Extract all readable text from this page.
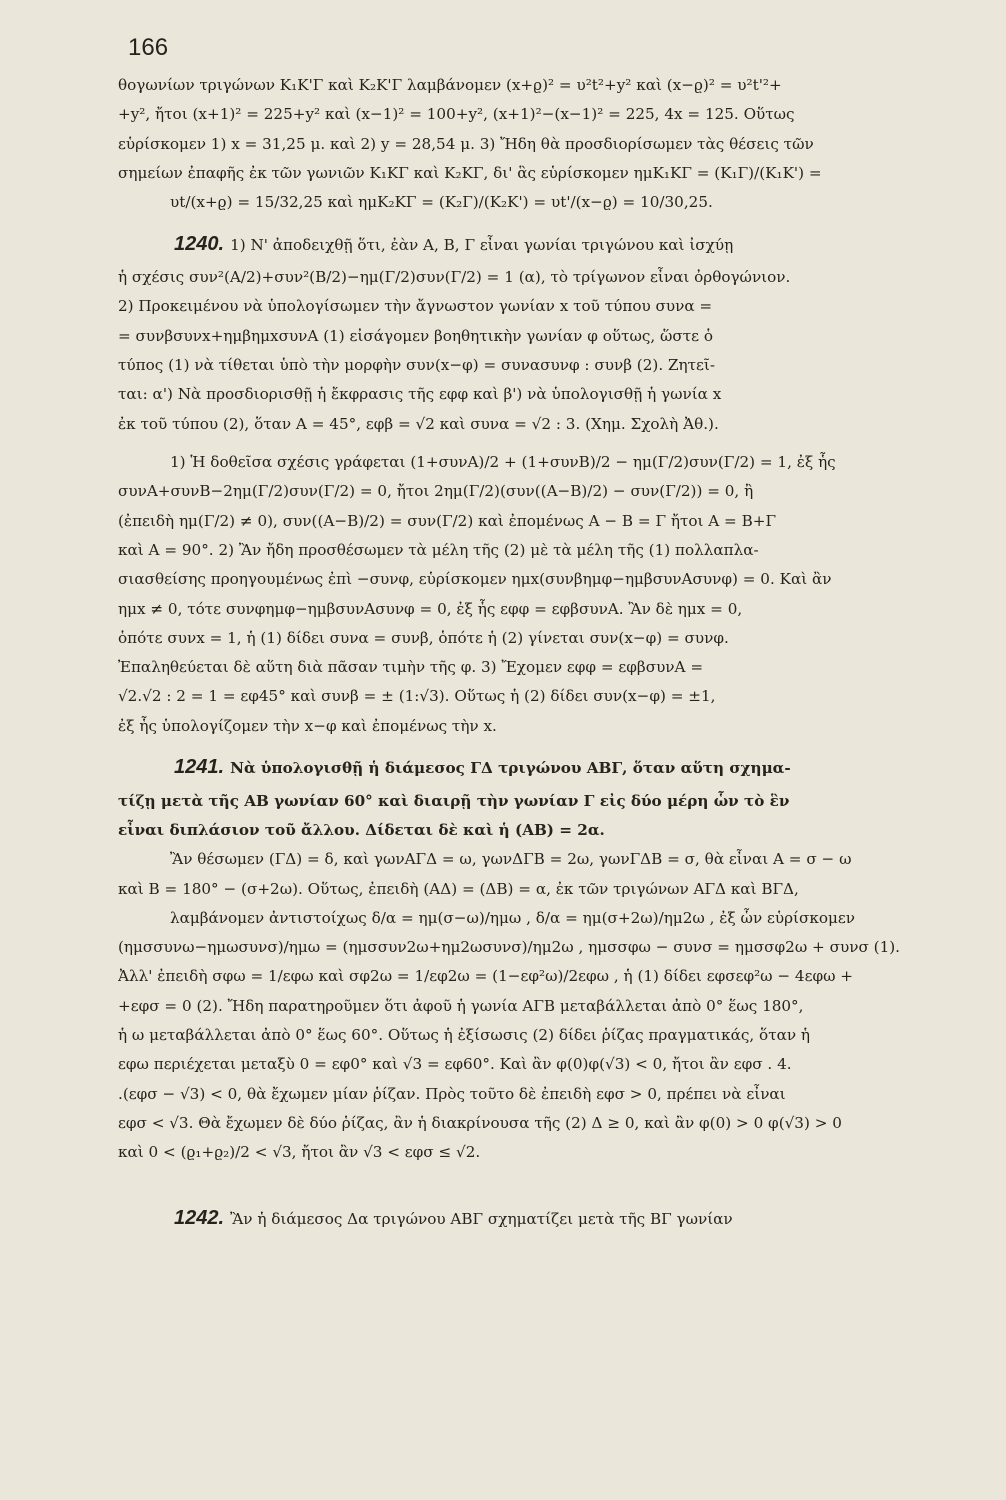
166
θογωνίων τριγώνων Κ₁Κ'Γ καὶ Κ₂Κ'Γ λαμβάνομεν (x+ϱ)² = υ²t²+y² καὶ (x−ϱ)² = υ²t'²+
+y², ἤτοι (x+1)² = 225+y² καὶ (x−1)² = 100+y², (x+1)²−(x−1)² = 225, 4x = 125. Οὕτως
εὑρίσκομεν 1) x = 31,25 μ. καὶ 2) y = 28,54 μ. 3) Ἤδη θὰ προσδιορίσωμεν τὰς θέσεις τῶν
σημείων ἐπαφῆς ἐκ τῶν γωνιῶν Κ₁ΚΓ καὶ Κ₂ΚΓ, δι' ἃς εὑρίσκομεν ημΚ₁ΚΓ = (Κ₁Γ)/(Κ₁Κ') =
υt/(x+ϱ) = 15/32,25 καὶ ημΚ₂ΚΓ = (Κ₂Γ)/(Κ₂Κ') = υt'/(x−ϱ) = 10/30,25.
1240. 1) Ν' ἀποδειχθῇ ὅτι, ἐὰν Α, Β, Γ εἶναι γωνίαι τριγώνου καὶ ἰσχύῃ
ἡ σχέσις συν²(Α/2)+συν²(Β/2)−ημ(Γ/2)συν(Γ/2) = 1 (α), τὸ τρίγωνον εἶναι ὀρθογώνιον.
2) Προκειμένου νὰ ὑπολογίσωμεν τὴν ἄγνωστον γωνίαν x τοῦ τύπου συνα =
= συνβσυνx+ημβημxσυνΑ (1) εἰσάγομεν βοηθητικὴν γωνίαν φ οὕτως, ὥστε ὁ
τύπος (1) νὰ τίθεται ὑπὸ τὴν μορφὴν συν(x−φ) = συνασυνφ : συνβ (2). Ζητεῖ-
ται: α') Νὰ προσδιορισθῇ ἡ ἔκφρασις τῆς εφφ καὶ β') νὰ ὑπολογισθῇ ἡ γωνία x
ἐκ τοῦ τύπου (2), ὅταν Α = 45°, εφβ = √2 καὶ συνα = √2 : 3. (Χημ. Σχολὴ Ἀθ.).
1) Ἡ δοθεῖσα σχέσις γράφεται (1+συνΑ)/2 + (1+συνΒ)/2 − ημ(Γ/2)συν(Γ/2) = 1, ἐξ ἧς
συνΑ+συνΒ−2ημ(Γ/2)συν(Γ/2) = 0, ἤτοι 2ημ(Γ/2)(συν((Α−Β)/2) − συν(Γ/2)) = 0, ἢ
(ἐπειδὴ ημ(Γ/2) ≠ 0), συν((Α−Β)/2) = συν(Γ/2) καὶ ἐπομένως Α − Β = Γ ἤτοι Α = Β+Γ
καὶ Α = 90°. 2) Ἂν ἤδη προσθέσωμεν τὰ μέλη τῆς (2) μὲ τὰ μέλη τῆς (1) πολλαπλα-
σιασθείσης προηγουμένως ἐπὶ −συνφ, εὑρίσκομεν ημx(συνβημφ−ημβσυνΑσυνφ) = 0. Καὶ ἂν
ημx ≠ 0, τότε συνφημφ−ημβσυνΑσυνφ = 0, ἐξ ἧς εφφ = εφβσυνΑ. Ἂν δὲ ημx = 0,
ὁπότε συνx = 1, ἡ (1) δίδει συνα = συνβ, ὁπότε ἡ (2) γίνεται συν(x−φ) = συνφ.
Ἐπαληθεύεται δὲ αὕτη διὰ πᾶσαν τιμὴν τῆς φ. 3) Ἔχομεν εφφ = εφβσυνΑ =
√2.√2 : 2 = 1 = εφ45° καὶ συνβ = ± (1:√3). Οὕτως ἡ (2) δίδει συν(x−φ) = ±1,
ἐξ ἧς ὑπολογίζομεν τὴν x−φ καὶ ἐπομένως τὴν x.
1241. Νὰ ὑπολογισθῇ ἡ διάμεσος ΓΔ τριγώνου ΑΒΓ, ὅταν αὕτη σχημα-
τίζῃ μετὰ τῆς ΑΒ γωνίαν 60° καὶ διαιρῇ τὴν γωνίαν Γ εἰς δύο μέρη ὧν τὸ ἓν
εἶναι διπλάσιον τοῦ ἄλλου. Δίδεται δὲ καὶ ἡ (ΑΒ) = 2α.
Ἂν θέσωμεν (ΓΔ) = δ, καὶ γωνΑΓΔ = ω, γωνΔΓΒ = 2ω, γωνΓΔΒ = σ, θὰ εἶναι Α = σ − ω
καὶ Β = 180° − (σ+2ω). Οὕτως, ἐπειδὴ (ΑΔ) = (ΔΒ) = α, ἐκ τῶν τριγώνων ΑΓΔ καὶ ΒΓΔ,
λαμβάνομεν ἀντιστοίχως δ/α = ημ(σ−ω)/ημω , δ/α = ημ(σ+2ω)/ημ2ω , ἐξ ὧν εὑρίσκομεν
(ημσσυνω−ημωσυνσ)/ημω = (ημσσυν2ω+ημ2ωσυνσ)/ημ2ω , ημσσφω − συνσ = ημσσφ2ω + συνσ (1).
Ἀλλ' ἐπειδὴ σφω = 1/εφω καὶ σφ2ω = 1/εφ2ω = (1−εφ²ω)/2εφω , ἡ (1) δίδει εφσεφ²ω − 4εφω +
+εφσ = 0 (2). Ἤδη παρατηροῦμεν ὅτι ἀφοῦ ἡ γωνία ΑΓΒ μεταβάλλεται ἀπὸ 0° ἕως 180°,
ἡ ω μεταβάλλεται ἀπὸ 0° ἕως 60°. Οὕτως ἡ ἐξίσωσις (2) δίδει ῥίζας πραγματικάς, ὅταν ἡ
εφω περιέχεται μεταξὺ 0 = εφ0° καὶ √3 = εφ60°. Καὶ ἂν φ(0)φ(√3) < 0, ἤτοι ἂν εφσ . 4.
.(εφσ − √3) < 0, θὰ ἔχωμεν μίαν ῥίζαν. Πρὸς τοῦτο δὲ ἐπειδὴ εφσ > 0, πρέπει νὰ εἶναι
εφσ < √3. Θὰ ἔχωμεν δὲ δύο ῥίζας, ἂν ἡ διακρίνουσα τῆς (2) Δ ≥ 0, καὶ ἂν φ(0) > 0 φ(√3) > 0
καὶ 0 < (ϱ₁+ϱ₂)/2 < √3, ἤτοι ἂν √3 < εφσ ≤ √2.
1242. Ἂν ἡ διάμεσος Δα τριγώνου ΑΒΓ σχηματίζει μετὰ τῆς ΒΓ γωνίαν
